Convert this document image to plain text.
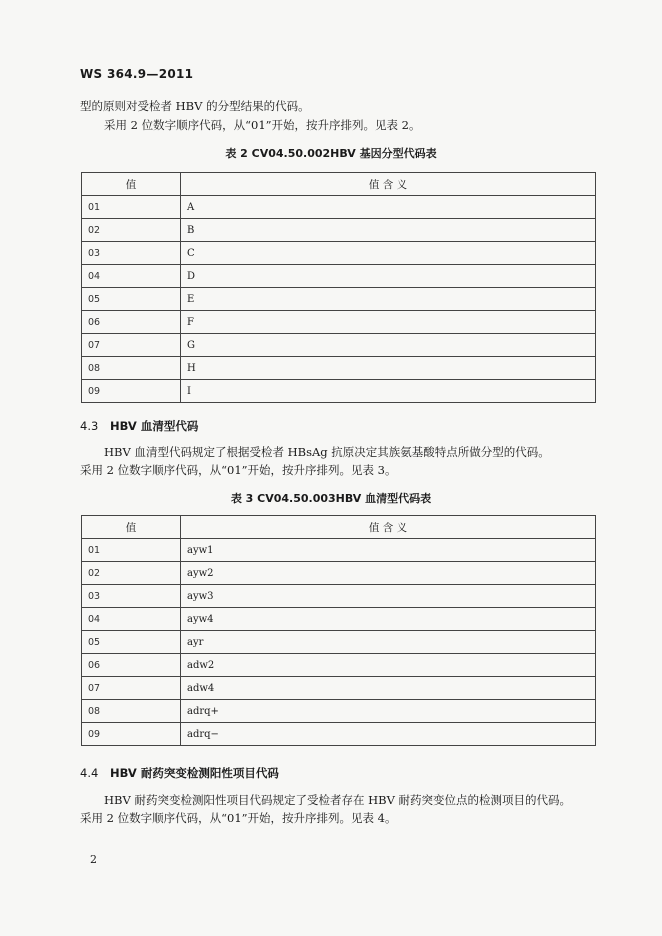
WS 364.9—2011
型的原则对受检者 HBV 的分型结果的代码。
采用 2 位数字顺序代码，从“01”开始，按升序排列。见表 2。
表 2 CV04.50.002HBV 基因分型代码表
值	值 含 义
01	A
02	B
03	C
04	D
05	E
06	F
07	G
08	H
09	I
4.3 HBV 血清型代码
HBV 血清型代码规定了根据受检者 HBsAg 抗原决定其族氨基酸特点所做分型的代码。
采用 2 位数字顺序代码，从“01”开始，按升序排列。见表 3。
表 3 CV04.50.003HBV 血清型代码表
值	值 含 义
01	ayw1
02	ayw2
03	ayw3
04	ayw4
05	ayr
06	adw2
07	adw4
08	adrq+
09	adrq−
4.4 HBV 耐药突变检测阳性项目代码
HBV 耐药突变检测阳性项目代码规定了受检者存在 HBV 耐药突变位点的检测项目的代码。
采用 2 位数字顺序代码，从“01”开始，按升序排列。见表 4。
2
